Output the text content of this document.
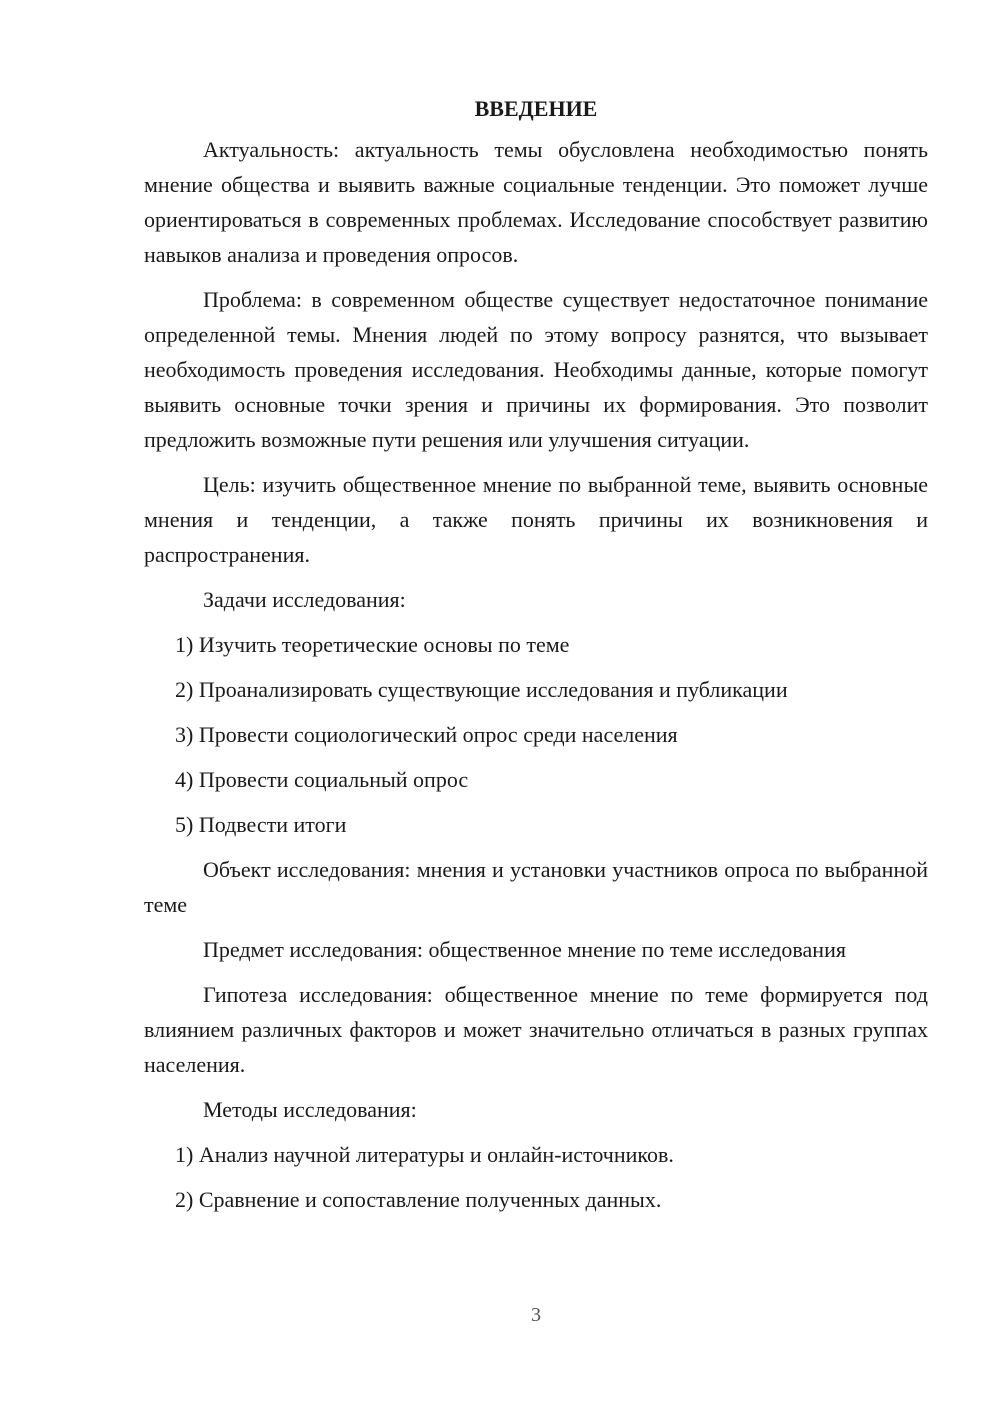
ВВЕДЕНИЕ

Актуальность: актуальность темы обусловлена необходимостью понять мнение общества и выявить важные социальные тенденции. Это поможет лучше ориентироваться в современных проблемах. Исследование способствует развитию навыков анализа и проведения опросов.

Проблема: в современном обществе существует недостаточное понимание определенной темы. Мнения людей по этому вопросу разнятся, что вызывает необходимость проведения исследования. Необходимы данные, которые помогут выявить основные точки зрения и причины их формирования. Это позволит предложить возможные пути решения или улучшения ситуации.

Цель: изучить общественное мнение по выбранной теме, выявить основные мнения и тенденции, а также понять причины их возникновения и распространения.

Задачи исследования:

1) Изучить теоретические основы по теме

2) Проанализировать существующие исследования и публикации

3) Провести социологический опрос среди населения

4) Провести социальный опрос

5) Подвести итоги

Объект исследования: мнения и установки участников опроса по выбранной теме

Предмет исследования: общественное мнение по теме исследования

Гипотеза исследования: общественное мнение по теме формируется под влиянием различных факторов и может значительно отличаться в разных группах населения.

Методы исследования:

1) Анализ научной литературы и онлайн-источников.

2) Сравнение и сопоставление полученных данных.

3
